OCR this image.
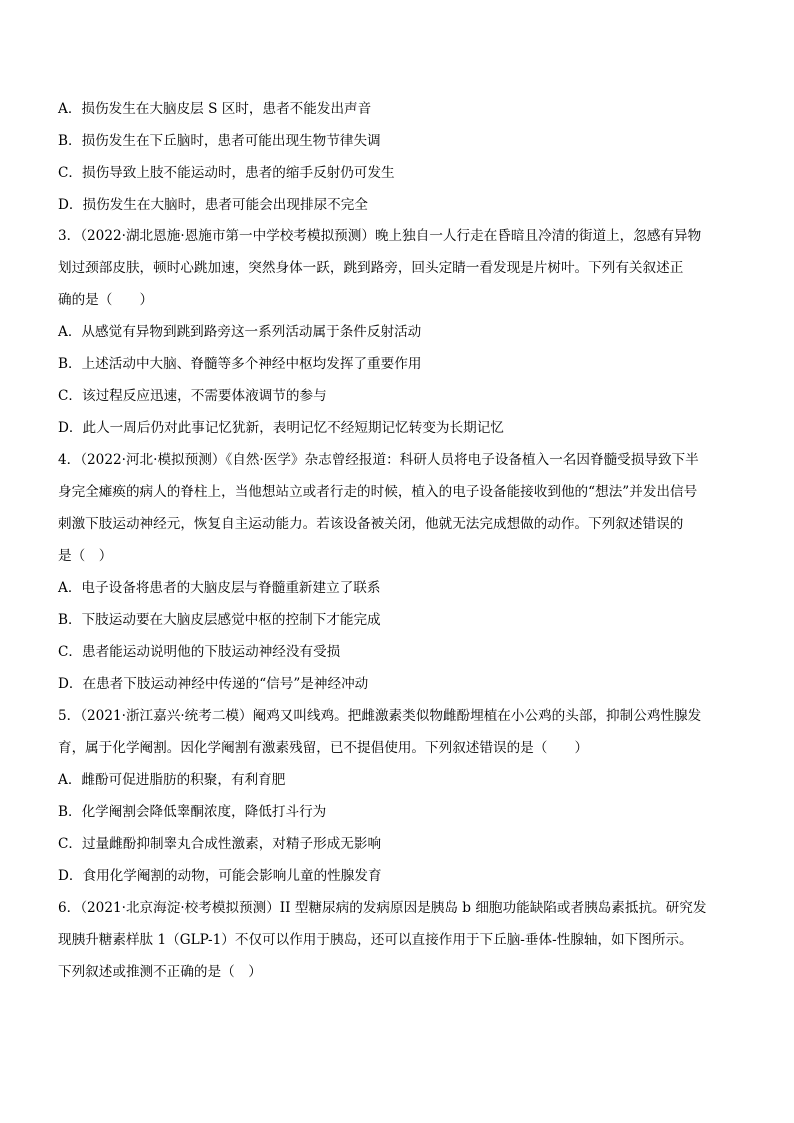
A．损伤发生在大脑皮层 S 区时，患者不能发出声音
B．损伤发生在下丘脑时，患者可能出现生物节律失调
C．损伤导致上肢不能运动时，患者的缩手反射仍可发生
D．损伤发生在大脑时，患者可能会出现排尿不完全
3．（2022·湖北恩施·恩施市第一中学校考模拟预测）晚上独自一人行走在昏暗且冷清的街道上，忽感有异物
划过颈部皮肤，顿时心跳加速，突然身体一跃，跳到路旁，回头定睛一看发现是片树叶。下列有关叙述正
确的是（　　）
A．从感觉有异物到跳到路旁这一系列活动属于条件反射活动
B．上述活动中大脑、脊髓等多个神经中枢均发挥了重要作用
C．该过程反应迅速，不需要体液调节的参与
D．此人一周后仍对此事记忆犹新，表明记忆不经短期记忆转变为长期记忆
4．（2022·河北·模拟预测）《自然·医学》杂志曾经报道：科研人员将电子设备植入一名因脊髓受损导致下半
身完全瘫痪的病人的脊柱上，当他想站立或者行走的时候，植入的电子设备能接收到他的“想法”并发出信号
刺激下肢运动神经元，恢复自主运动能力。若该设备被关闭，他就无法完成想做的动作。下列叙述错误的
是（　）
A．电子设备将患者的大脑皮层与脊髓重新建立了联系
B．下肢运动要在大脑皮层感觉中枢的控制下才能完成
C．患者能运动说明他的下肢运动神经没有受损
D．在患者下肢运动神经中传递的“信号”是神经冲动
5．（2021·浙江嘉兴·统考二模）阉鸡又叫线鸡。把雌激素类似物雌酚埋植在小公鸡的头部，抑制公鸡性腺发
育，属于化学阉割。因化学阉割有激素残留，已不提倡使用。下列叙述错误的是（　　）
A．雌酚可促进脂肪的积聚，有利育肥
B．化学阉割会降低睾酮浓度，降低打斗行为
C．过量雌酚抑制睾丸合成性激素，对精子形成无影响
D．食用化学阉割的动物，可能会影响儿童的性腺发育
6．（2021·北京海淀·校考模拟预测）II 型糖尿病的发病原因是胰岛 b 细胞功能缺陷或者胰岛素抵抗。研究发
现胰升糖素样肽 1（GLP-1）不仅可以作用于胰岛，还可以直接作用于下丘脑-垂体-性腺轴，如下图所示。
下列叙述或推测不正确的是（　）
